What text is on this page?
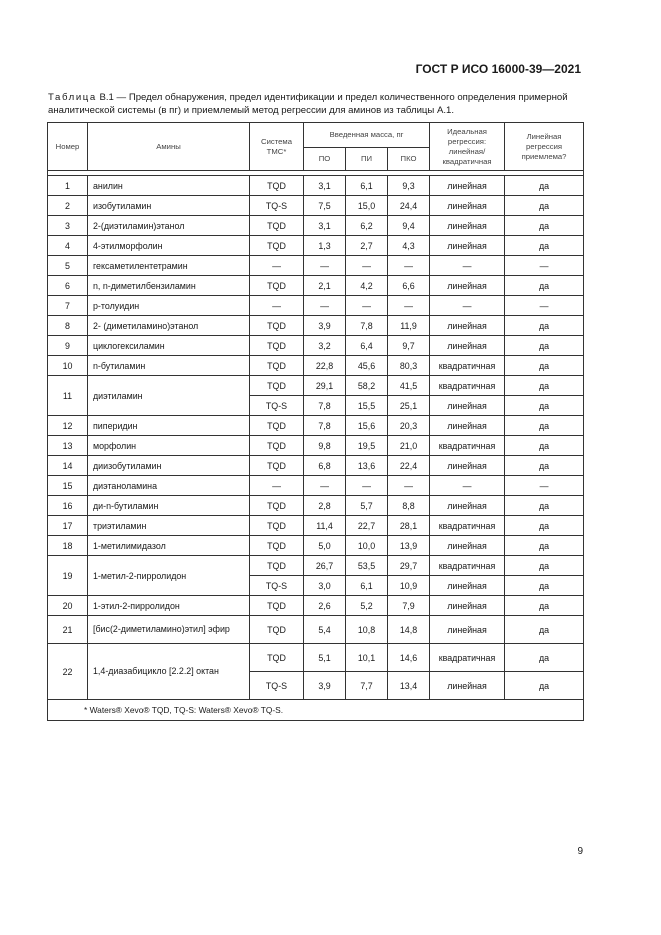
ГОСТ Р ИСО 16000-39—2021
Таблица В.1 — Предел обнаружения, предел идентификации и предел количественного определения примерной аналитической системы (в пг) и приемлемый метод регрессии для аминов из таблицы А.1.
Номер	Амины	Система ТМС*	Введенная масса, пг			Идеальная регрессия: линейная/ квадратичная	Линейная регрессия приемлема?
			ПО	ПИ	ПКО		

1	анилин	TQD	3,1	6,1	9,3	линейная	да
2	изобутиламин	TQ-S	7,5	15,0	24,4	линейная	да
3	2-(диэтиламин)этанол	TQD	3,1	6,2	9,4	линейная	да
4	4-этилморфолин	TQD	1,3	2,7	4,3	линейная	да
5	гексаметилентетрамин	—	—	—	—	—	—
6	n, n-диметилбензиламин	TQD	2,1	4,2	6,6	линейная	да
7	p-толуидин	—	—	—	—	—	—
8	2- (диметиламино)этанол	TQD	3,9	7,8	11,9	линейная	да
9	циклогексиламин	TQD	3,2	6,4	9,7	линейная	да
10	n-бутиламин	TQD	22,8	45,6	80,3	квадратичная	да
11	диэтиламин	TQD	29,1	58,2	41,5	квадратичная	да
		TQ-S	7,8	15,5	25,1	линейная	да
12	пиперидин	TQD	7,8	15,6	20,3	линейная	да
13	морфолин	TQD	9,8	19,5	21,0	квадратичная	да
14	диизобутиламин	TQD	6,8	13,6	22,4	линейная	да
15	диэтаноламина	—	—	—	—	—	—
16	ди-n-бутиламин	TQD	2,8	5,7	8,8	линейная	да
17	триэтиламин	TQD	11,4	22,7	28,1	квадратичная	да
18	1-метилимидазол	TQD	5,0	10,0	13,9	линейная	да
19	1-метил-2-пирролидон	TQD	26,7	53,5	29,7	квадратичная	да
		TQ-S	3,0	6,1	10,9	линейная	да
20	1-этил-2-пирролидон	TQD	2,6	5,2	7,9	линейная	да
21	[бис(2-диметиламино)этил] эфир	TQD	5,4	10,8	14,8	линейная	да
22	1,4-диазабицикло [2.2.2] октан	TQD	5,1	10,1	14,6	квадратичная	да
		TQ-S	3,9	7,7	13,4	линейная	да
* Waters® Xevo® TQD, TQ-S: Waters® Xevo® TQ-S.							
9
